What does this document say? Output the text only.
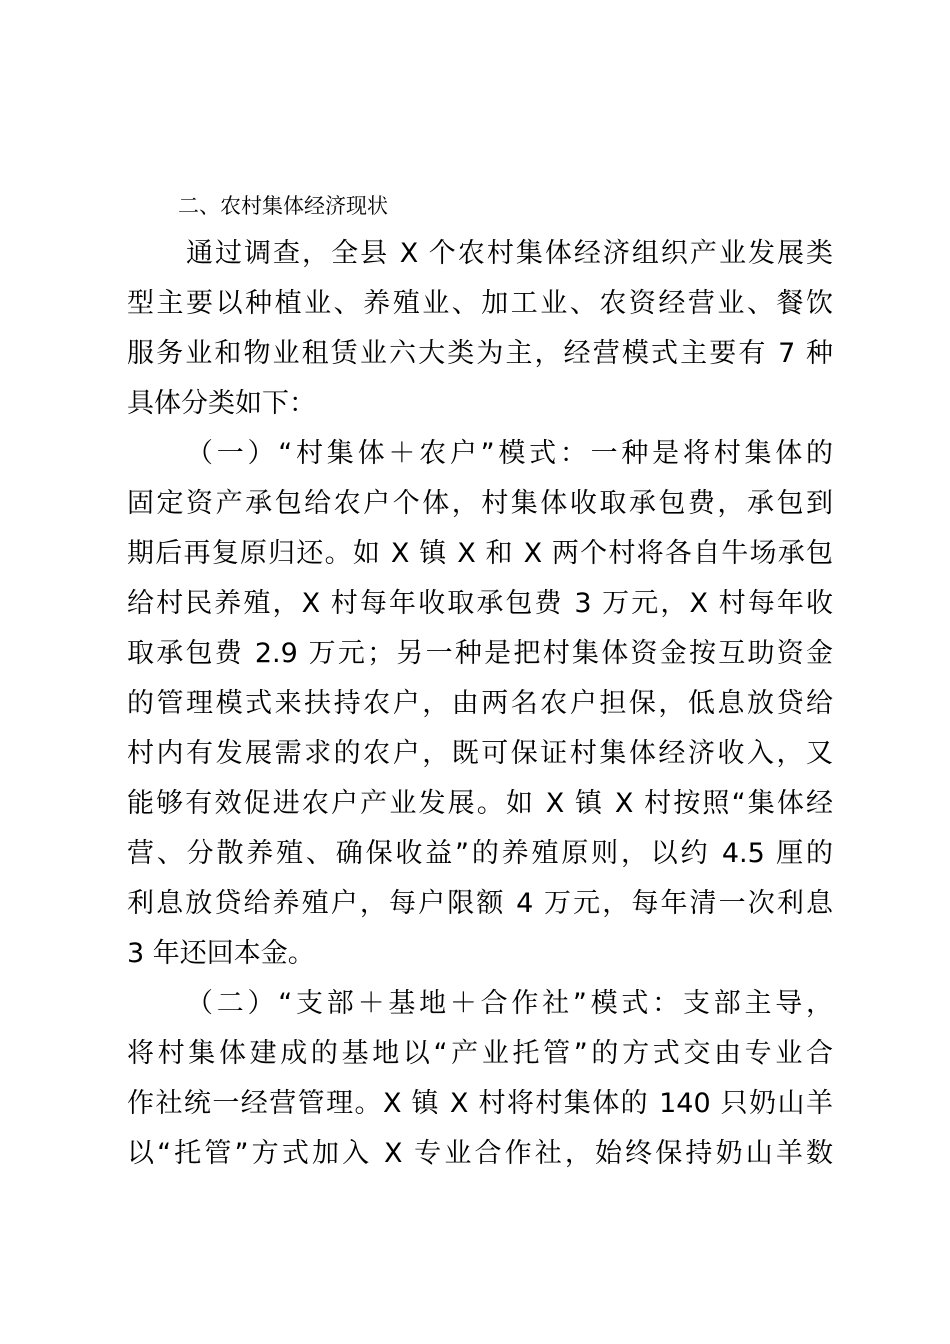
二、农村集体经济现状
通过调查，全县 X 个农村集体经济组织产业发展类
型主要以种植业、养殖业、加工业、农资经营业、餐饮
服务业和物业租赁业六大类为主，经营模式主要有 7 种
具体分类如下：
（一）“村集体＋农户”模式：一种是将村集体的
固定资产承包给农户个体，村集体收取承包费，承包到
期后再复原归还。如 X 镇 X 和 X 两个村将各自牛场承包
给村民养殖，X 村每年收取承包费 3 万元，X 村每年收
取承包费 2.9 万元；另一种是把村集体资金按互助资金
的管理模式来扶持农户，由两名农户担保，低息放贷给
村内有发展需求的农户，既可保证村集体经济收入，又
能够有效促进农户产业发展。如 X 镇 X 村按照“集体经
营、分散养殖、确保收益”的养殖原则，以约 4.5 厘的
利息放贷给养殖户，每户限额 4 万元，每年清一次利息
3 年还回本金。
（二）“支部＋基地＋合作社”模式：支部主导，
将村集体建成的基地以“产业托管”的方式交由专业合
作社统一经营管理。X 镇 X 村将村集体的 140 只奶山羊
以“托管”方式加入 X 专业合作社，始终保持奶山羊数
